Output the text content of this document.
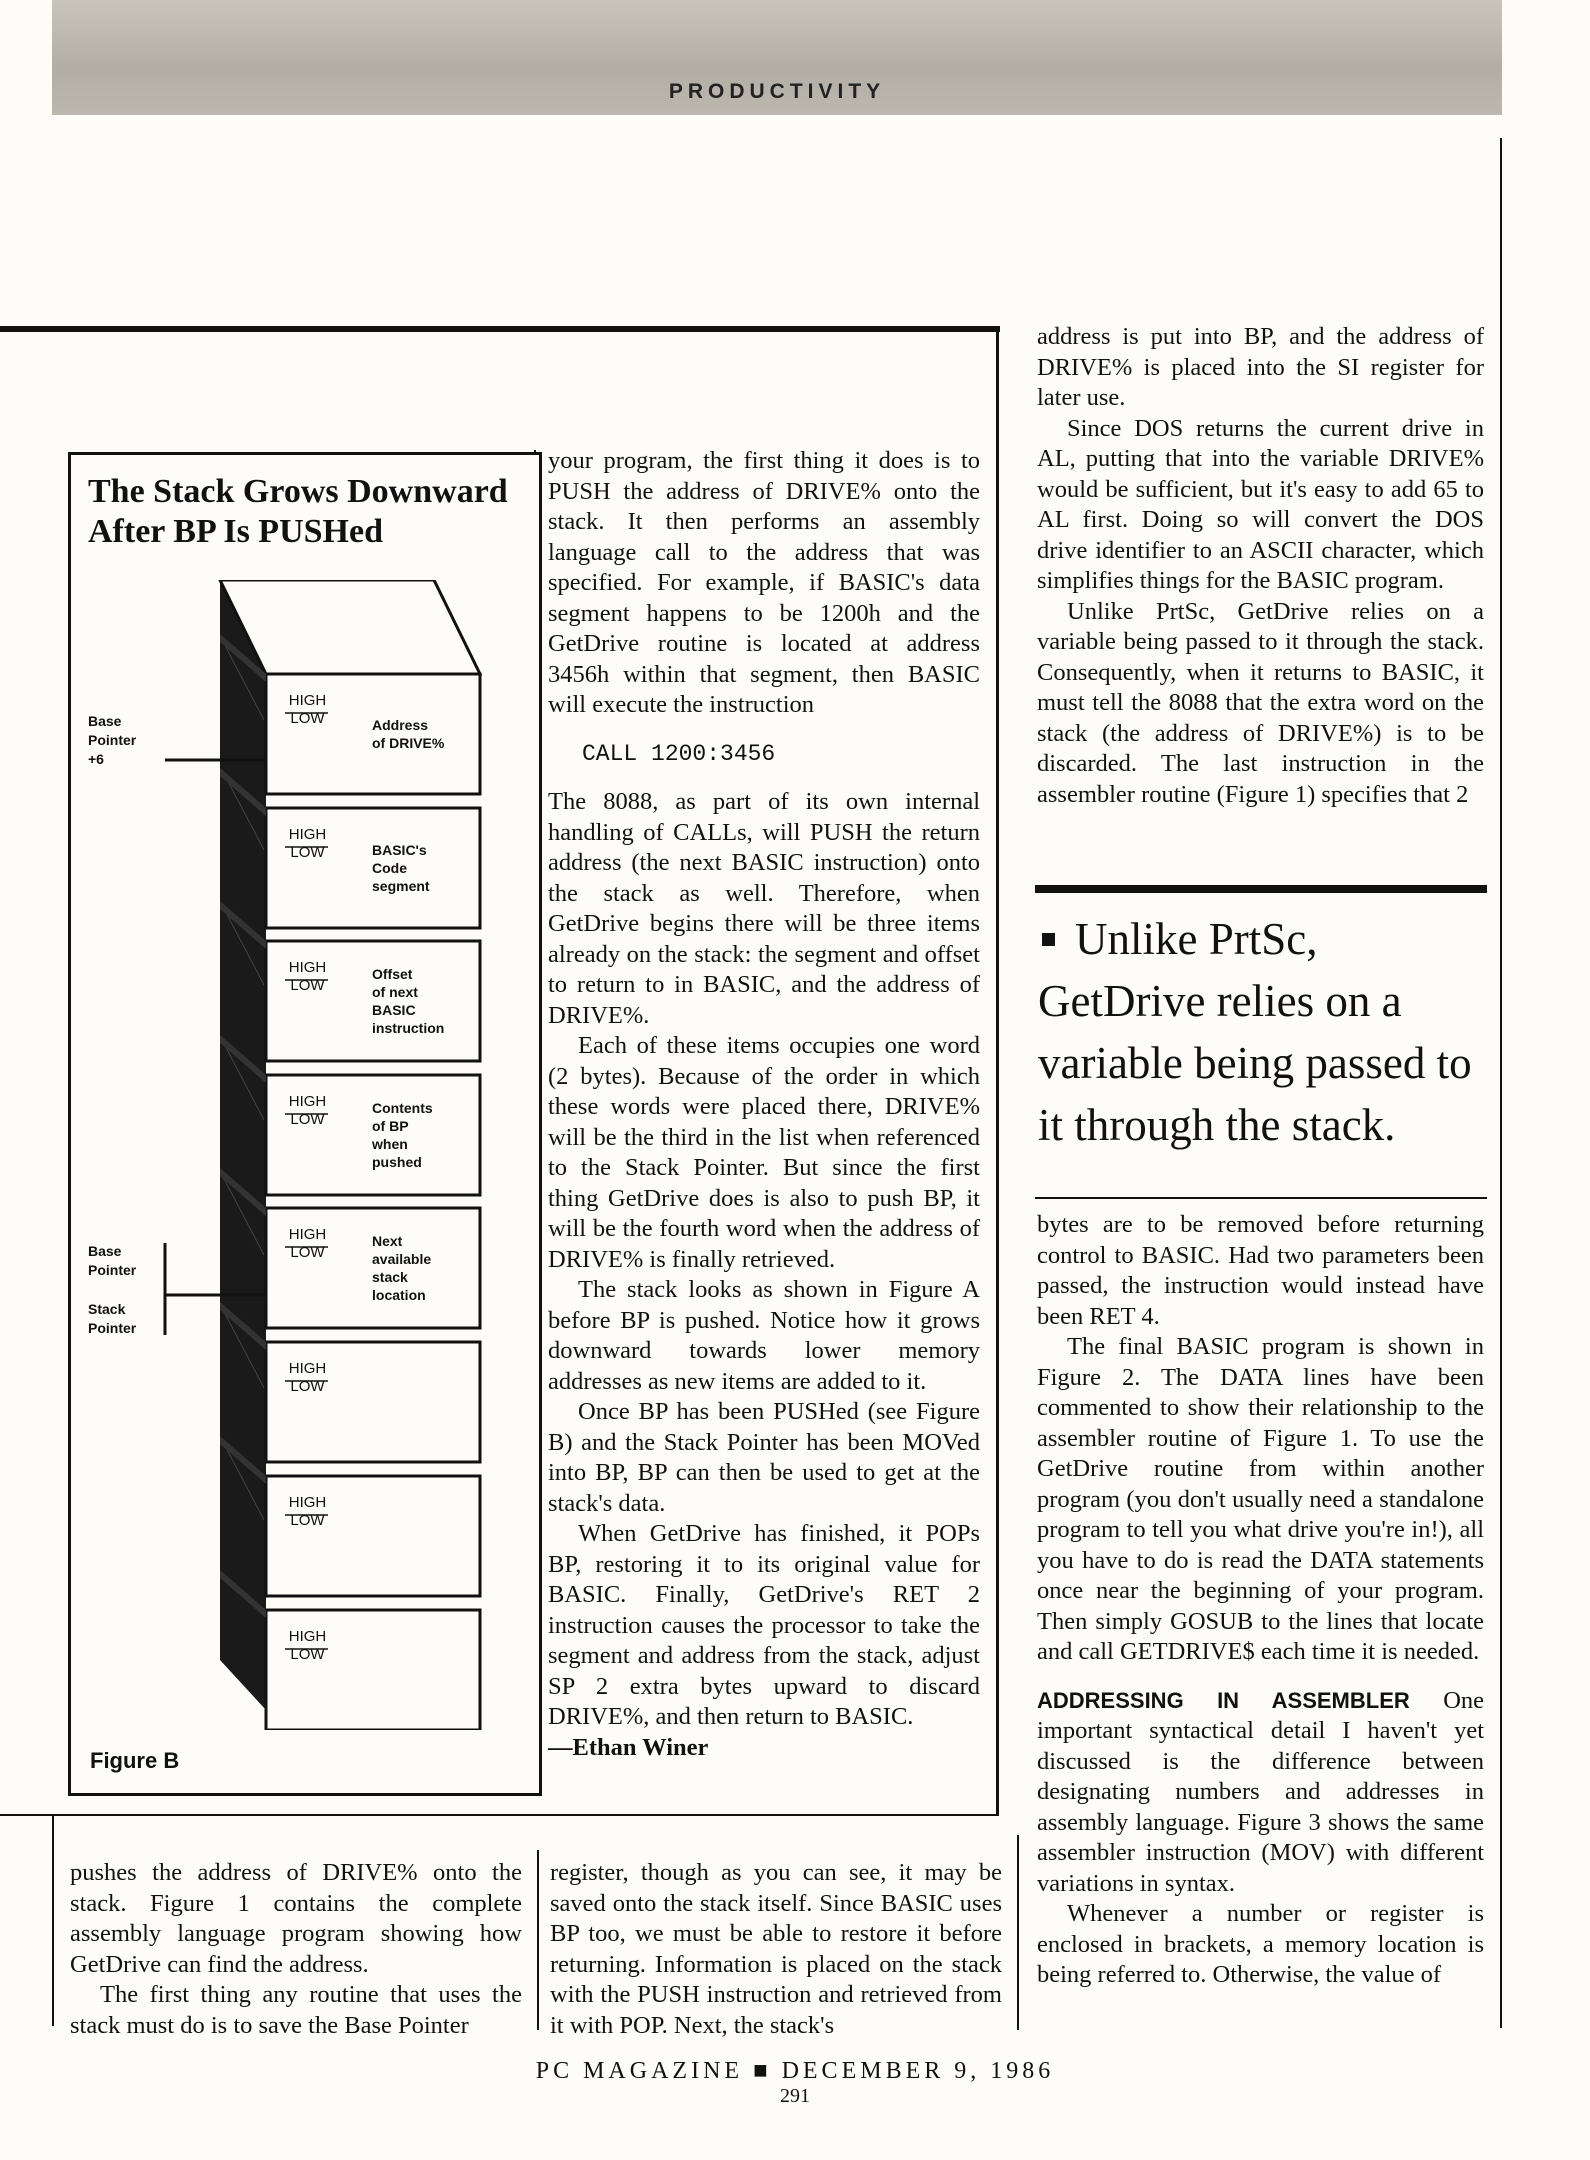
PRODUCTIVITY
The Stack Grows Downward
After BP Is PUSHed
Base
Pointer
+6
Base
Pointer
Stack
Pointer
HIGH
LOW	Address
of DRIVE%
HIGH
LOW	BASIC's
Code
segment
HIGH
LOW
Offset
of next
BASIC
instruction
HIGH
LOW
Contents
of BP
when
pushed
HIGH
LOW
Next
available
stack
location
HIGH
LOW
HIGH
LOW
HIGH
LOW
Figure B

your program, the first thing it does is to PUSH the address of DRIVE% onto the stack. It then performs an assembly language call to the address that was specified. For example, if BASIC's data segment happens to be 1200h and the GetDrive routine is located at address 3456h within that segment, then BASIC will execute the instruction

CALL 1200:3456

The 8088, as part of its own internal handling of CALLs, will PUSH the return address (the next BASIC instruction) onto the stack as well. Therefore, when GetDrive begins there will be three items already on the stack: the segment and offset to return to in BASIC, and the address of DRIVE%.

Each of these items occupies one word (2 bytes). Because of the order in which these words were placed there, DRIVE% will be the third in the list when referenced to the Stack Pointer. But since the first thing GetDrive does is also to push BP, it will be the fourth word when the address of DRIVE% is finally retrieved.

The stack looks as shown in Figure A before BP is pushed. Notice how it grows downward towards lower memory addresses as new items are added to it.

Once BP has been PUSHed (see Figure B) and the Stack Pointer has been MOVed into BP, BP can then be used to get at the stack's data.

When GetDrive has finished, it POPs BP, restoring it to its original value for BASIC. Finally, GetDrive's RET 2 instruction causes the processor to take the segment and address from the stack, adjust SP 2 extra bytes upward to discard DRIVE%, and then return to BASIC.

—Ethan Winer

address is put into BP, and the address of DRIVE% is placed into the SI register for later use.

Since DOS returns the current drive in AL, putting that into the variable DRIVE% would be sufficient, but it's easy to add 65 to AL first. Doing so will convert the DOS drive identifier to an ASCII character, which simplifies things for the BASIC program.

Unlike PrtSc, GetDrive relies on a variable being passed to it through the stack. Consequently, when it returns to BASIC, it must tell the 8088 that the extra word on the stack (the address of DRIVE%) is to be discarded. The last instruction in the assembler routine (Figure 1) specifies that 2

Unlike PrtSc, GetDrive relies on a variable being passed to it through the stack.

bytes are to be removed before returning control to BASIC. Had two parameters been passed, the instruction would instead have been RET 4.

The final BASIC program is shown in Figure 2. The DATA lines have been commented to show their relationship to the assembler routine of Figure 1. To use the GetDrive routine from within another program (you don't usually need a standalone program to tell you what drive you're in!), all you have to do is read the DATA statements once near the beginning of your program. Then simply GOSUB to the lines that locate and call GETDRIVE$ each time it is needed.

ADDRESSING IN ASSEMBLER One important syntactical detail I haven't yet discussed is the difference between designating numbers and addresses in assembly language. Figure 3 shows the same assembler instruction (MOV) with different variations in syntax.

Whenever a number or register is enclosed in brackets, a memory location is being referred to. Otherwise, the value of

pushes the address of DRIVE% onto the stack. Figure 1 contains the complete assembly language program showing how GetDrive can find the address.

The first thing any routine that uses the stack must do is to save the Base Pointer

register, though as you can see, it may be saved onto the stack itself. Since BASIC uses BP too, we must be able to restore it before returning. Information is placed on the stack with the PUSH instruction and retrieved from it with POP. Next, the stack's

PC MAGAZINE ■ DECEMBER 9, 1986
291
